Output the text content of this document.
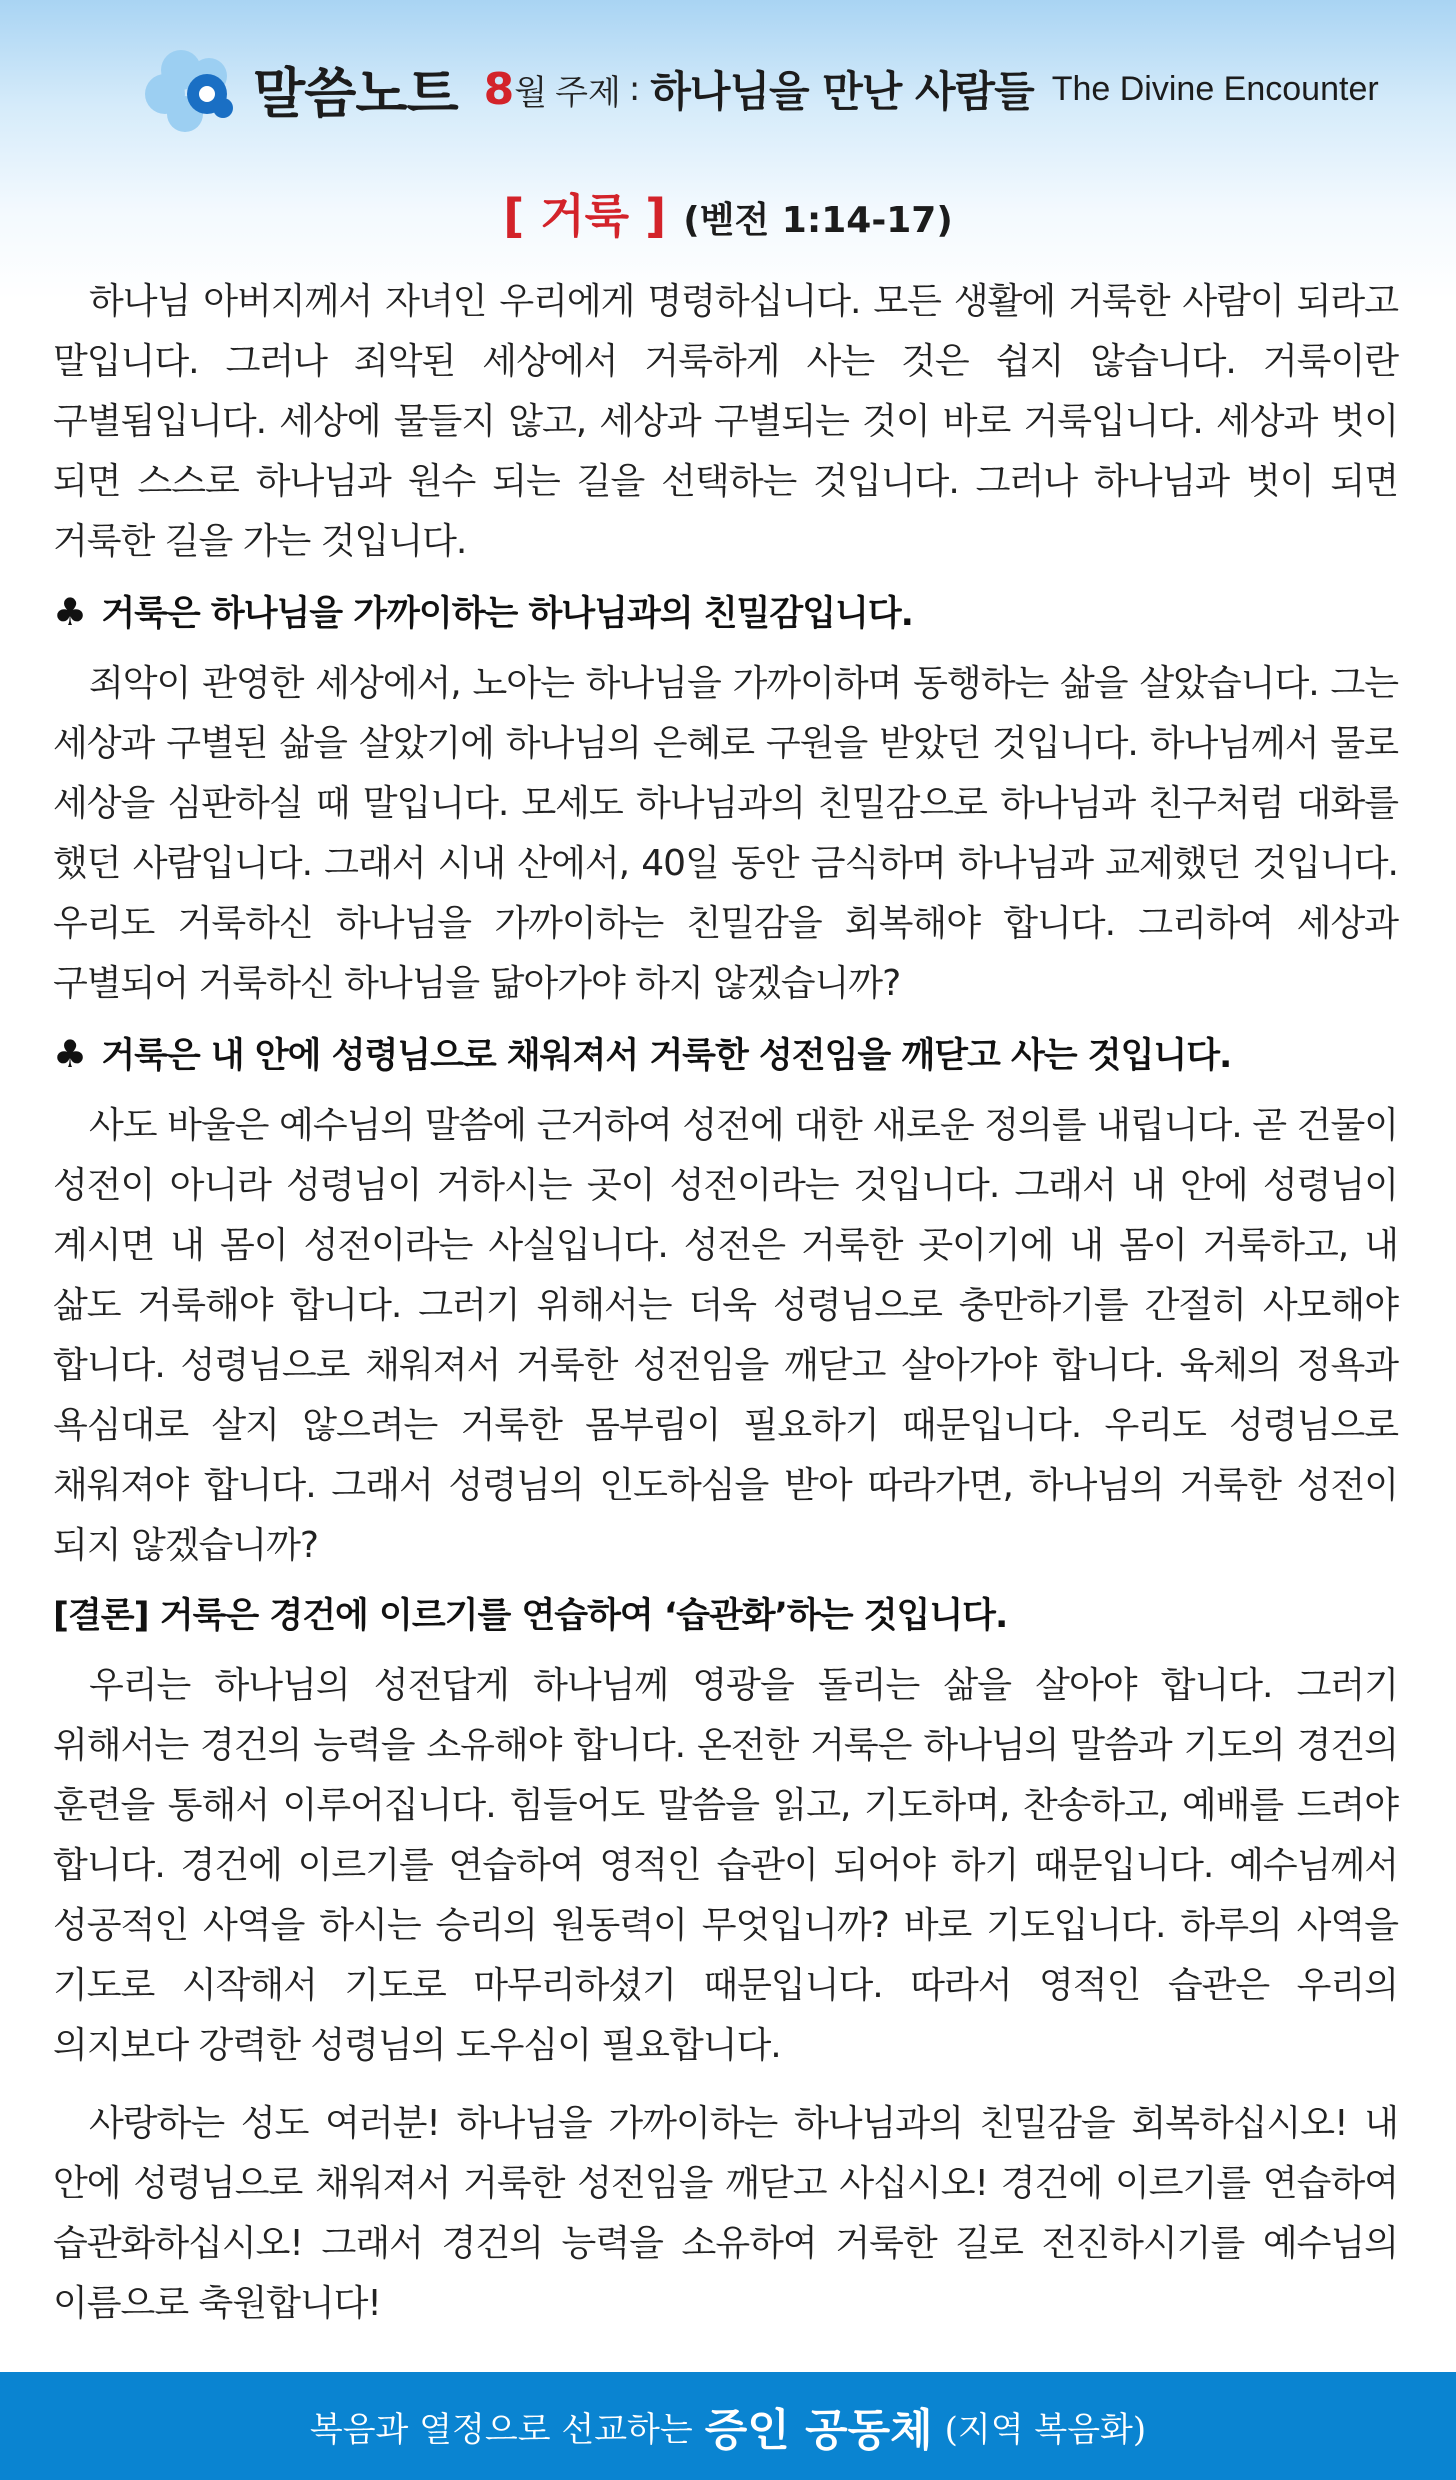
말씀노트 8 월 주제 : 하나님을 만난 사람들 The Divine Encounter
[ 거룩 ] (벧전 1:14-17)

하나님 아버지께서 자녀인 우리에게 명령하십니다. 모든 생활에 거룩한 사람이 되라고 말입니다. 그러나 죄악된 세상에서 거룩하게 사는 것은 쉽지 않습니다. 거룩이란 구별됨입니다. 세상에 물들지 않고, 세상과 구별되는 것이 바로 거룩입니다. 세상과 벗이 되면 스스로 하나님과 원수 되는 길을 선택하는 것입니다. 그러나 하나님과 벗이 되면 거룩한 길을 가는 것입니다.

♣ 거룩은 하나님을 가까이하는 하나님과의 친밀감입니다.

죄악이 관영한 세상에서, 노아는 하나님을 가까이하며 동행하는 삶을 살았습니다. 그는 세상과 구별된 삶을 살았기에 하나님의 은혜로 구원을 받았던 것입니다. 하나님께서 물로 세상을 심판하실 때 말입니다. 모세도 하나님과의 친밀감으로 하나님과 친구처럼 대화를 했던 사람입니다. 그래서 시내 산에서, 40일 동안 금식하며 하나님과 교제했던 것입니다. 우리도 거룩하신 하나님을 가까이하는 친밀감을 회복해야 합니다. 그리하여 세상과 구별되어 거룩하신 하나님을 닮아가야 하지 않겠습니까?

♣ 거룩은 내 안에 성령님으로 채워져서 거룩한 성전임을 깨닫고 사는 것입니다.

사도 바울은 예수님의 말씀에 근거하여 성전에 대한 새로운 정의를 내립니다. 곧 건물이 성전이 아니라 성령님이 거하시는 곳이 성전이라는 것입니다. 그래서 내 안에 성령님이 계시면 내 몸이 성전이라는 사실입니다. 성전은 거룩한 곳이기에 내 몸이 거룩하고, 내 삶도 거룩해야 합니다. 그러기 위해서는 더욱 성령님으로 충만하기를 간절히 사모해야 합니다. 성령님으로 채워져서 거룩한 성전임을 깨닫고 살아가야 합니다. 육체의 정욕과 욕심대로 살지 않으려는 거룩한 몸부림이 필요하기 때문입니다. 우리도 성령님으로 채워져야 합니다. 그래서 성령님의 인도하심을 받아 따라가면, 하나님의 거룩한 성전이 되지 않겠습니까?

[결론] 거룩은 경건에 이르기를 연습하여 ‘습관화’하는 것입니다.

우리는 하나님의 성전답게 하나님께 영광을 돌리는 삶을 살아야 합니다. 그러기 위해서는 경건의 능력을 소유해야 합니다. 온전한 거룩은 하나님의 말씀과 기도의 경건의 훈련을 통해서 이루어집니다. 힘들어도 말씀을 읽고, 기도하며, 찬송하고, 예배를 드려야 합니다. 경건에 이르기를 연습하여 영적인 습관이 되어야 하기 때문입니다. 예수님께서 성공적인 사역을 하시는 승리의 원동력이 무엇입니까? 바로 기도입니다. 하루의 사역을 기도로 시작해서 기도로 마무리하셨기 때문입니다. 따라서 영적인 습관은 우리의 의지보다 강력한 성령님의 도우심이 필요합니다.

사랑하는 성도 여러분! 하나님을 가까이하는 하나님과의 친밀감을 회복하십시오! 내 안에 성령님으로 채워져서 거룩한 성전임을 깨닫고 사십시오! 경건에 이르기를 연습하여 습관화하십시오! 그래서 경건의 능력을 소유하여 거룩한 길로 전진하시기를 예수님의 이름으로 축원합니다!

복음과 열정으로 선교하는 증인 공동체 (지역 복음화)
